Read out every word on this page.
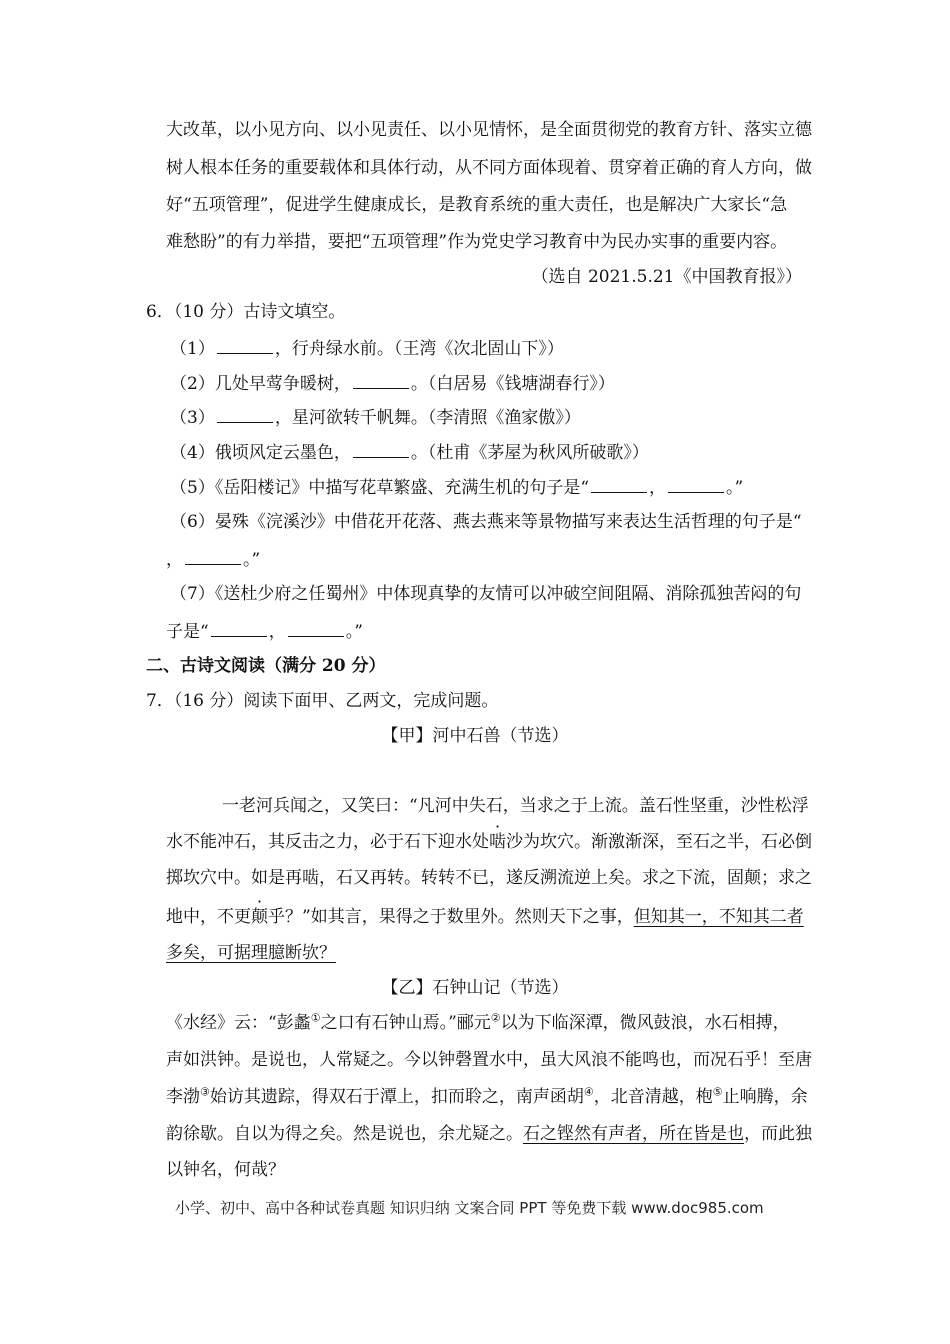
大改革，以小见方向、以小见责任、以小见情怀，是全面贯彻党的教育方针、落实立德
树人根本任务的重要载体和具体行动，从不同方面体现着、贯穿着正确的育人方向，做
好“五项管理”，促进学生健康成长，是教育系统的重大责任，也是解决广大家长“急
难愁盼”的有力举措，要把“五项管理”作为党史学习教育中为民办实事的重要内容。
（选自 2021.5.21《中国教育报》）
6．（10 分）古诗文填空。
（1）	，行舟绿水前。（王湾《次北固山下》）
（2）几处早莺争暖树，	。（白居易《钱塘湖春行》）
（3）	，星河欲转千帆舞。（李清照《渔家傲》）
（4）俄顷风定云墨色，	。（杜甫《茅屋为秋风所破歌》）
（5）《岳阳楼记》中描写花草繁盛、充满生机的句子是“	，	。”
（6）晏殊《浣溪沙》中借花开花落、燕去燕来等景物描写来表达生活哲理的句子是“
，	。”
（7）《送杜少府之任蜀州》中体现真挚的友情可以冲破空间阻隔、消除孤独苦闷的句
子是“	，	。”
二、古诗文阅读（满分 20 分）
7．（16 分）阅读下面甲、乙两文，完成问题。
【甲】河中石兽（节选）
一老河兵闻之，又笑曰：“凡河中失石，当求之于上流。盖石性坚重，沙性松浮
水不能冲石，其反击之力，必于石下迎水处啮沙为坎穴。渐激渐深，至石之半，石必倒
掷坎穴中。如是再啮，石又再转。转转不已，遂反溯流逆上矣。求之下流，固颠；求之
地中，不更颠乎？”如其言，果得之于数里外。然则天下之事，但知其一，不知其二者
多矣，可据理臆断欤？
【乙】石钟山记（节选）
《水经》云：“彭蠡①之口有石钟山焉。”郦元②以为下临深潭，微风鼓浪，水石相搏，
声如洪钟。是说也，人常疑之。今以钟磬置水中，虽大风浪不能鸣也，而况石乎！至唐
李渤③始访其遗踪，得双石于潭上，扣而聆之，南声函胡④，北音清越，枹⑤止响腾，余
韵徐歇。自以为得之矣。然是说也，余尤疑之。石之铿然有声者，所在皆是也，而此独
以钟名，何哉？
小学、初中、高中各种试卷真题 知识归纳 文案合同 PPT 等免费下载 www.doc985.com
